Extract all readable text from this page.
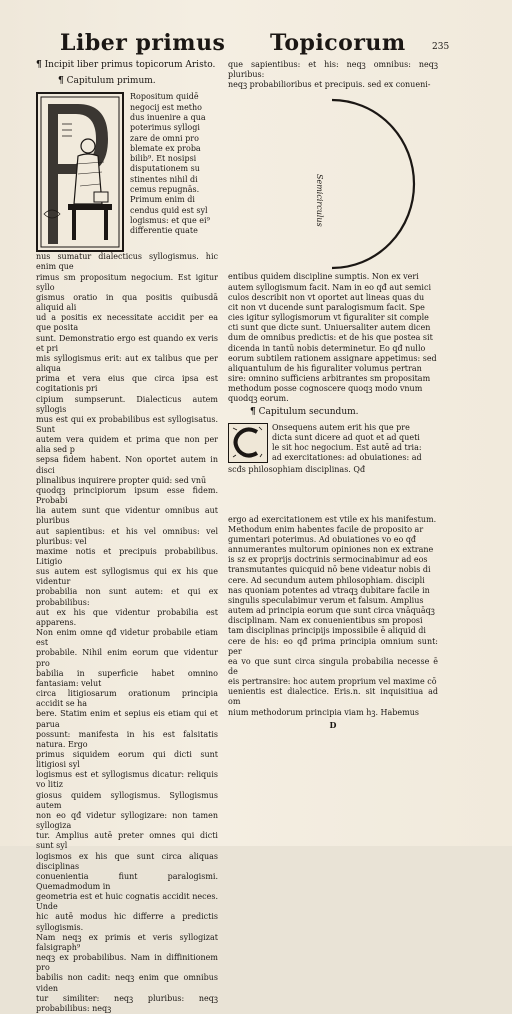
Liber primus Topicorum	235

¶ Incipit liber primus topicorum Aristo.

¶ Capitulum primum.

Ropositum quidē

negocij est metho

dus inuenire a qua

poterimus syllogi

zare de omni pro

blemate ex proba

bilib⁹. Et nosipsi

disputationem su

stinentes nihil di

cemus repugnās.

Primum enim di

cendus quid est syl

logismus: et que ei⁹

differentie quate

nus sumatur dialecticus syllogismus. hic enim que

rimus sm propositum negocium. Est igitur syllo

gismus oratio in qua positis quibusdā aliquid ali

ud a positis ex necessitate accidit per ea que posita

sunt. Demonstratio ergo est quando ex veris et pri

mis syllogismus erit: aut ex talibus que per aliqua

prima et vera eius que circa ipsa est cogitationis pri

cipium sumpserunt. Dialecticus autem syllogis

mus est qui ex probabilibus est syllogisatus. Sunt

autem vera quidem et prima que non per alia sed p

sepsa fidem habent. Non oportet autem in disci

plinalibus inquirere propter quid: sed vnū

quodqꝫ principiorum ipsum esse fidem. Probabi

lia autem sunt que videntur omnibus aut pluribus

aut sapientibus: et his vel omnibus: vel pluribus: vel

maxime notis et precipuis probabilibus. Litigio

sus autem est syllogismus qui ex his que videntur

probabilia non sunt autem: et qui ex probabilibus:

aut ex his que videntur probabilia est apparens.

Non enim omne qđ videtur probabile etiam est

probabile. Nihil enim eorum que videntur pro

babilia in superficie habet omnino fantasiam: velut

circa litigiosarum orationum principia accidit se ha

bere. Statim enim et sepius eis etiam qui et parua

possunt: manifesta in his est falsitatis natura. Ergo

primus siquidem eorum qui dicti sunt litigiosi syl

logismus est et syllogismus dicatur: reliquis vo litiz

giosus quidem syllogismus. Syllogismus autem

non eo qđ videtur syllogizare: non tamen syllogiza

tur. Amplius autē preter omnes qui dicti sunt syl

logismos ex his que sunt circa aliquas disciplinas

conuenientia fiunt paralogismi. Quemadmodum in

geometria est et huic cognatis accidit neces. Unde

hic autē modus hic differre a predictis syllogismis.

Nam neqꝫ ex primis et veris syllogizat falsigraph⁹

neqꝫ ex probabilibus. Nam in diffinitionem pro

babilis non cadit: neqꝫ enim que omnibus viden

tur similiter: neqꝫ pluribus: neqꝫ probabilibus: neqꝫ

que sapientibus: et his: neqꝫ omnibus: neqꝫ pluribus:

neqꝫ probabilioribus et precipuis. sed ex conueni-

Semicirculus

entibus quidem discipline sumptis. Non ex veri

autem syllogismum facit. Nam in eo qđ aut semici

culos describit non vt oportet aut lineas quas du

cit non vt ducende sunt paralogismum facit. Spe

cies igitur syllogismorum vt figuraliter sit comple

cti sunt que dicte sunt. Uniuersaliter autem dicen

dum de omnibus predictis: et de his que postea sit

dicenda in tantū nobis determinetur. Eo qđ nullo

eorum subtilem rationem assignare appetimus: sed

aliquantulum de his figuraliter volumus pertran

sire: omnino sufficiens arbitrantes sm propositam

methodum posse cognoscere quoqꝫ modo vnum

quodqꝫ eorum.

¶ Capitulum secundum.

Onsequens autem erit his que pre

dicta sunt dicere ad quot et ad queti

le sit hoc negocium. Est autē ad tria:

ad exercitationes: ad obuiationes: ad

scđs philosophiam disciplinas. Qđ

ergo ad exercitationem est vtile ex his manifestum.

Methodum enim habentes facile de proposito ar

gumentari poterimus. Ad obuiationes vo eo qđ

annumerantes multorum opiniones non ex extrane

is sz ex proprijs doctrinis sermocinabimur ad eos

transmutantes quicquid nō bene videatur nobis di

cere. Ad secundum autem philosophiam. discipli

nas quoniam potentes ad vtraqꝫ dubitare facile in

singulis speculabimur verum et falsum. Amplius

autem ad principia eorum que sunt circa vnāquāqꝫ

disciplinam. Nam ex conuenientibus sm proposi

tam disciplinas principijs impossibile ē aliquid di

cere de his: eo qđ prima principia omnium sunt: per

ea vo que sunt circa singula probabilia necesse ē de

eis pertransire: hoc autem proprium vel maxime cō

uenientis est dialectice. Eris.n. sit inquisitiua ad om

nium methodorum principia viam hꝫ. Habemus

D
